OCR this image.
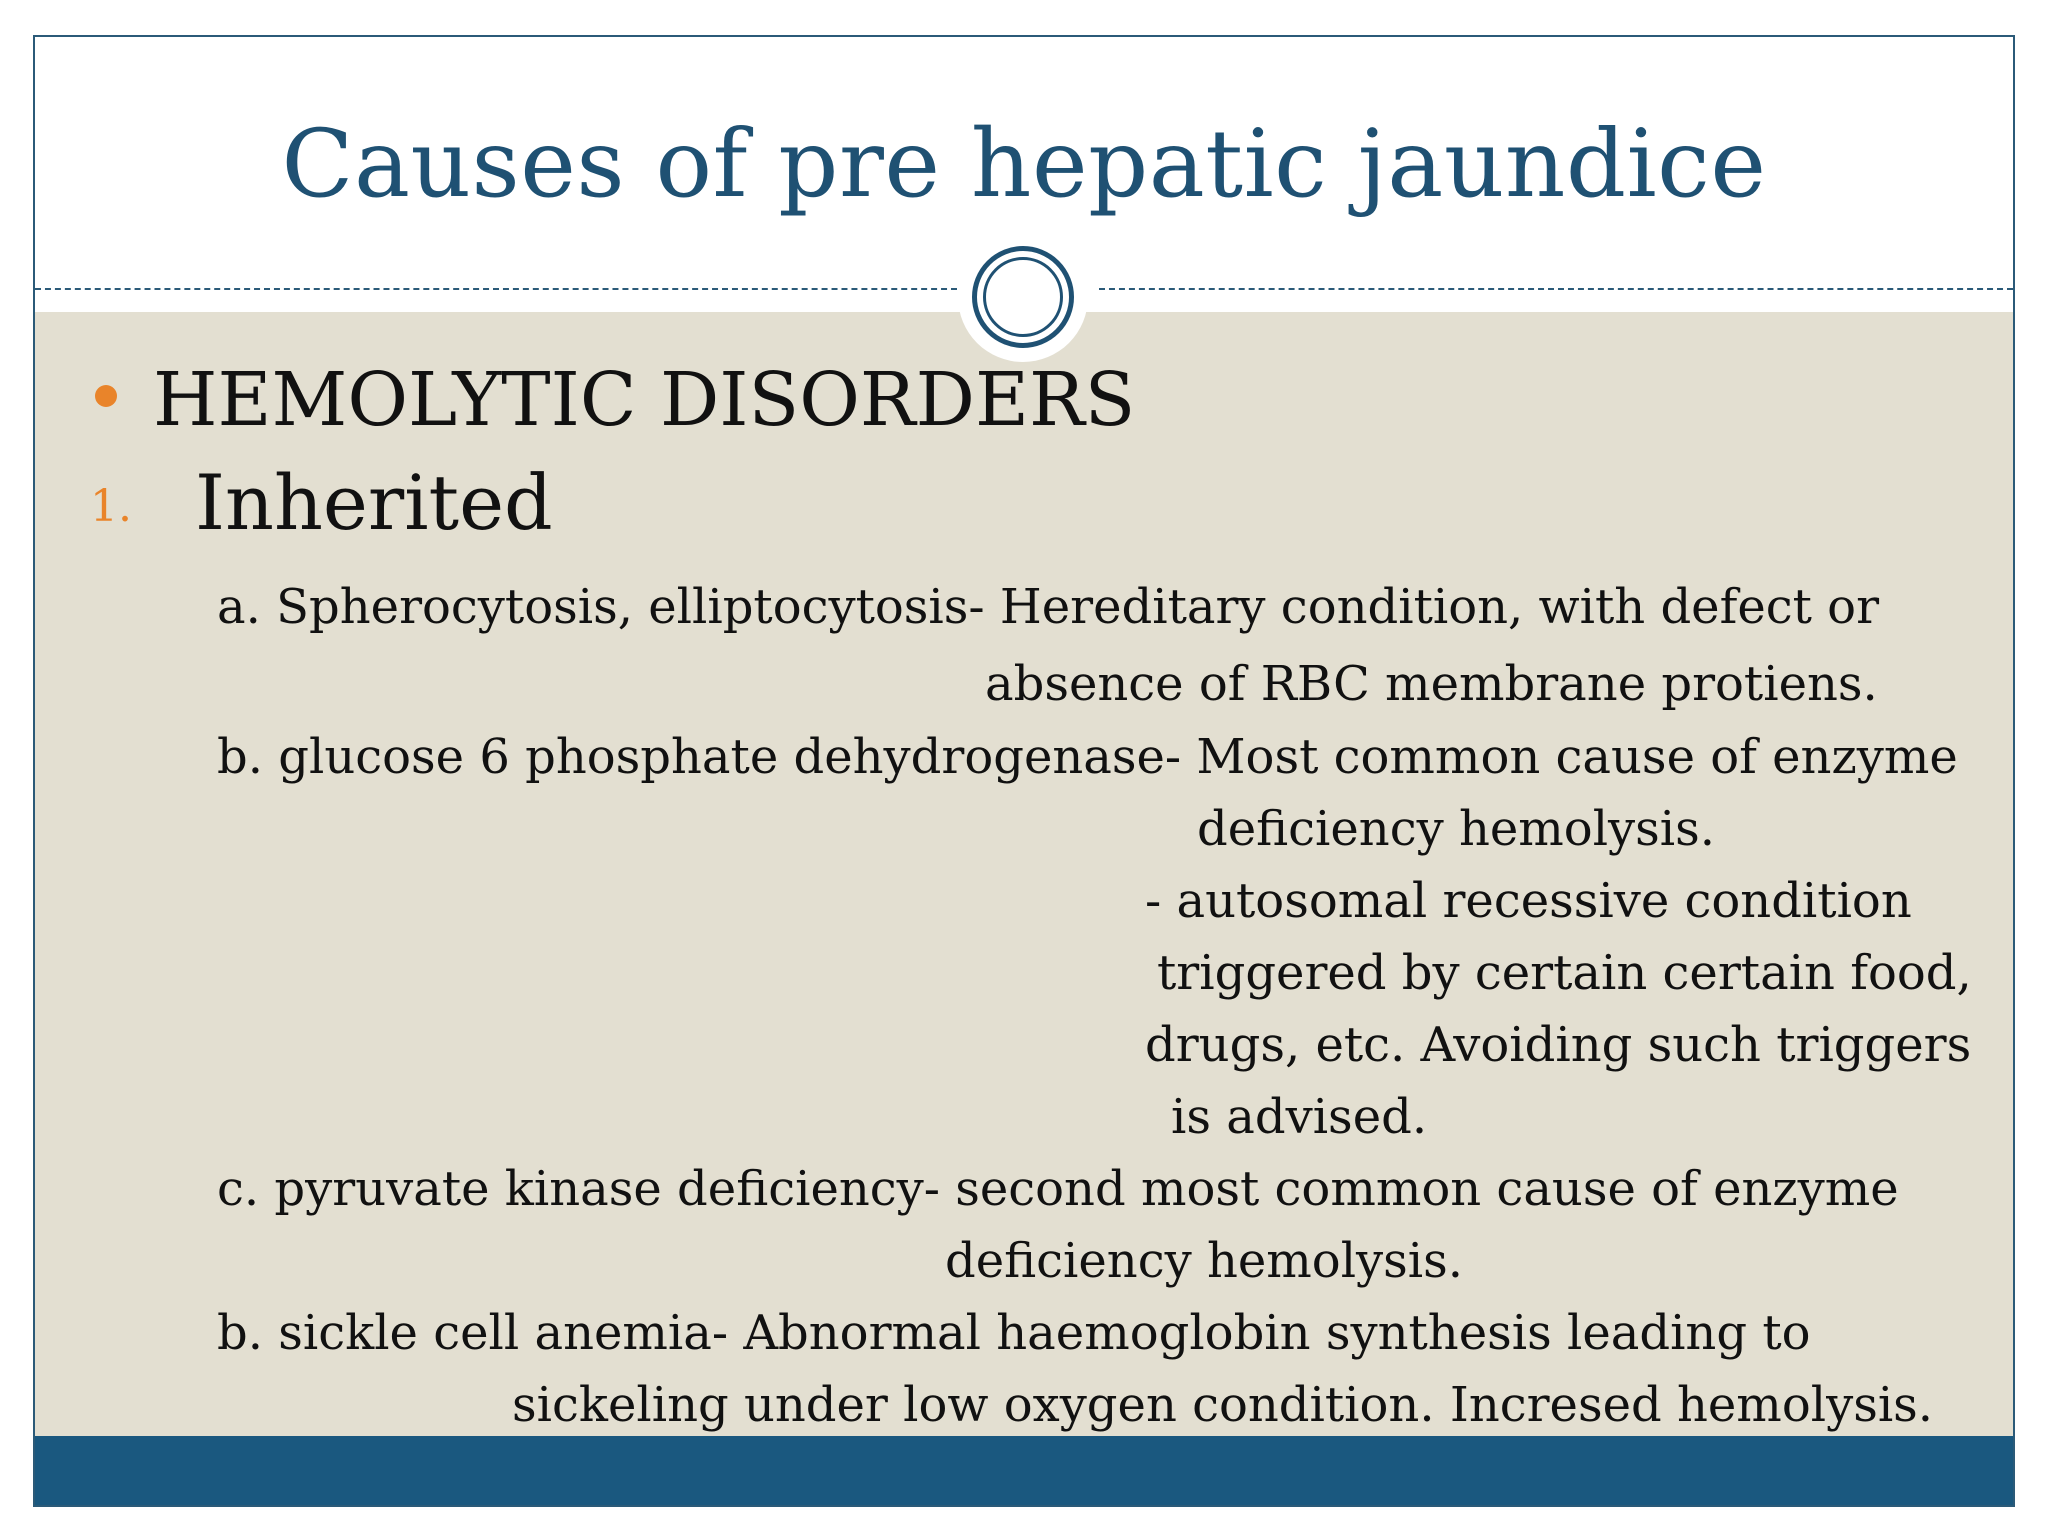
Causes of pre hepatic jaundice
HEMOLYTIC DISORDERS
1. Inherited
a. Spherocytosis, elliptocytosis- Hereditary condition, with defect or
absence of RBC membrane protiens.
b. glucose 6 phosphate dehydrogenase- Most common cause of enzyme
deficiency hemolysis.
- autosomal recessive condition
triggered by certain certain food,
drugs, etc. Avoiding such triggers
is advised.
c. pyruvate kinase deficiency- second most common cause of enzyme
deficiency hemolysis.
b. sickle cell anemia- Abnormal haemoglobin synthesis leading to
sickeling under low oxygen condition. Incresed hemolysis.
